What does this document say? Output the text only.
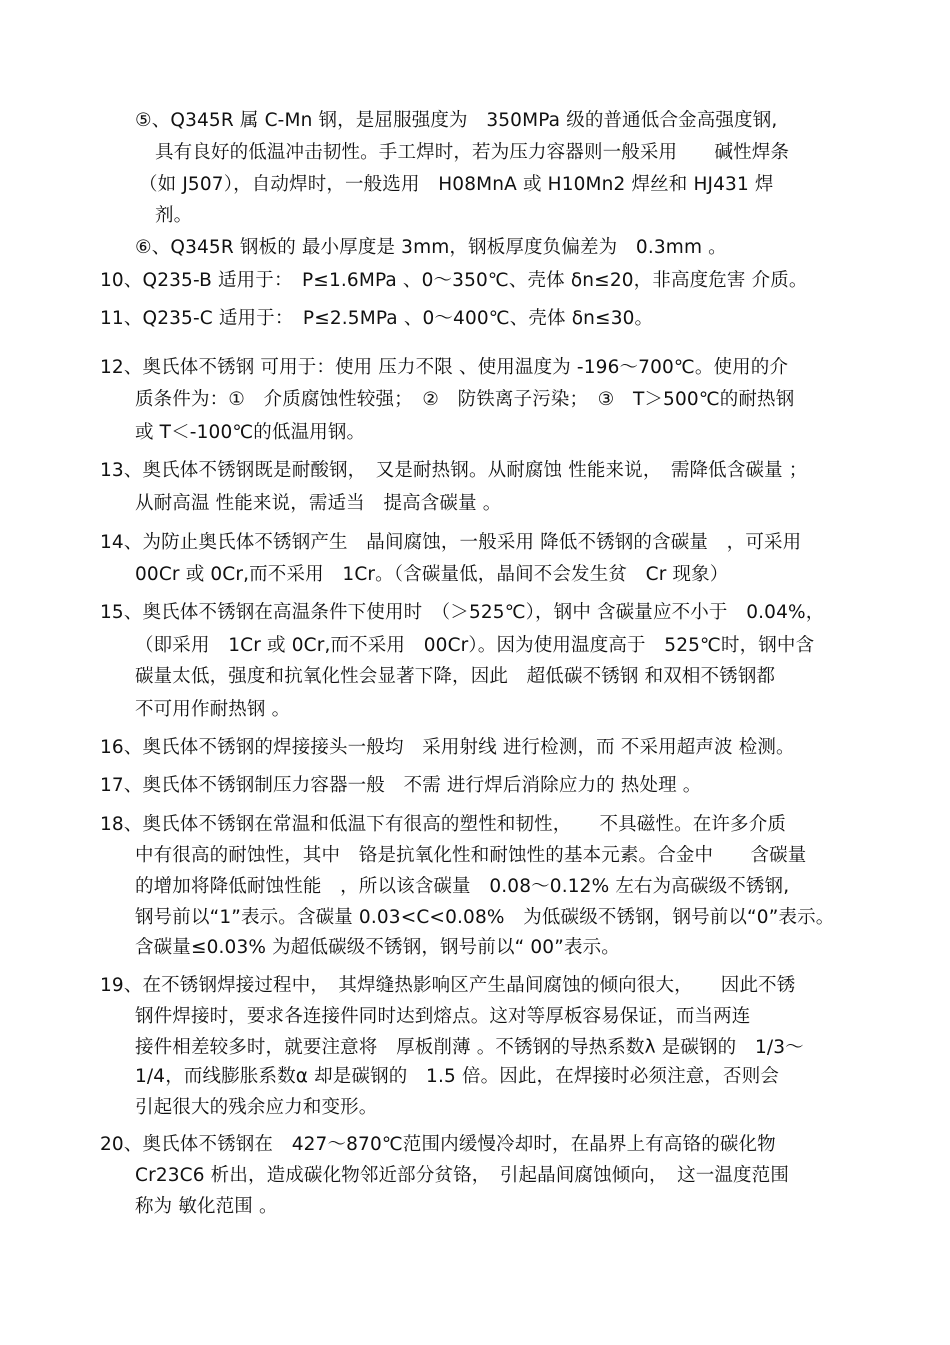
⑤、Q345R 属 C-Mn 钢，是屈服强度为　350MPa 级的普通低合金高强度钢,
具有良好的低温冲击韧性。手工焊时，若为压力容器则一般采用　　碱性焊条
（如 J507），自动焊时，一般选用　H08MnA 或 H10Mn2 焊丝和 HJ431 焊
剂。
⑥、Q345R 钢板的 最小厚度是 3mm，钢板厚度负偏差为　0.3mm 。
10、Q235-B 适用于：　P≤1.6MPa 、0～350℃、壳体 δn≤20，非高度危害 介质。
11、Q235-C 适用于：　P≤2.5MPa 、0～400℃、壳体 δn≤30。
12、奥氏体不锈钢 可用于：使用 压力不限 、使用温度为 -196～700℃。使用的介
质条件为：①　介质腐蚀性较强；　②　防铁离子污染；　③　T＞500℃的耐热钢
或 T＜-100℃的低温用钢。
13、奥氏体不锈钢既是耐酸钢，　又是耐热钢。从耐腐蚀 性能来说，　需降低含碳量 ；
从耐高温 性能来说，需适当　提高含碳量 。
14、为防止奥氏体不锈钢产生　晶间腐蚀，一般采用 降低不锈钢的含碳量　，可采用
00Cr 或 0Cr,而不采用　1Cr。（含碳量低，晶间不会发生贫　Cr 现象）
15、奥氏体不锈钢在高温条件下使用时　（＞525℃），钢中 含碳量应不小于　0.04%，
（即采用　1Cr 或 0Cr,而不采用　00Cr）。因为使用温度高于　525℃时，钢中含
碳量太低，强度和抗氧化性会显著下降，因此　超低碳不锈钢 和双相不锈钢都
不可用作耐热钢 。
16、奥氏体不锈钢的焊接接头一般均　采用射线 进行检测，而 不采用超声波 检测。
17、奥氏体不锈钢制压力容器一般　不需 进行焊后消除应力的 热处理 。
18、奥氏体不锈钢在常温和低温下有很高的塑性和韧性，　　不具磁性。在许多介质
中有很高的耐蚀性，其中　铬是抗氧化性和耐蚀性的基本元素。合金中　　含碳量
的增加将降低耐蚀性能　，所以该含碳量　0.08～0.12% 左右为高碳级不锈钢,
钢号前以“1”表示。含碳量 0.03<C<0.08%　为低碳级不锈钢，钢号前以“0”表示。
含碳量≤0.03% 为超低碳级不锈钢，钢号前以“ 00”表示。
19、在不锈钢焊接过程中，　其焊缝热影响区产生晶间腐蚀的倾向很大，　　因此不锈
钢件焊接时，要求各连接件同时达到熔点。这对等厚板容易保证，而当两连
接件相差较多时，就要注意将　厚板削薄 。不锈钢的导热系数λ 是碳钢的　1/3～
1/4，而线膨胀系数α 却是碳钢的　1.5 倍。因此，在焊接时必须注意，否则会
引起很大的残余应力和变形。
20、奥氏体不锈钢在　427～870℃范围内缓慢冷却时，在晶界上有高铬的碳化物
Cr23C6 析出，造成碳化物邻近部分贫铬，　引起晶间腐蚀倾向，　这一温度范围
称为 敏化范围 。
